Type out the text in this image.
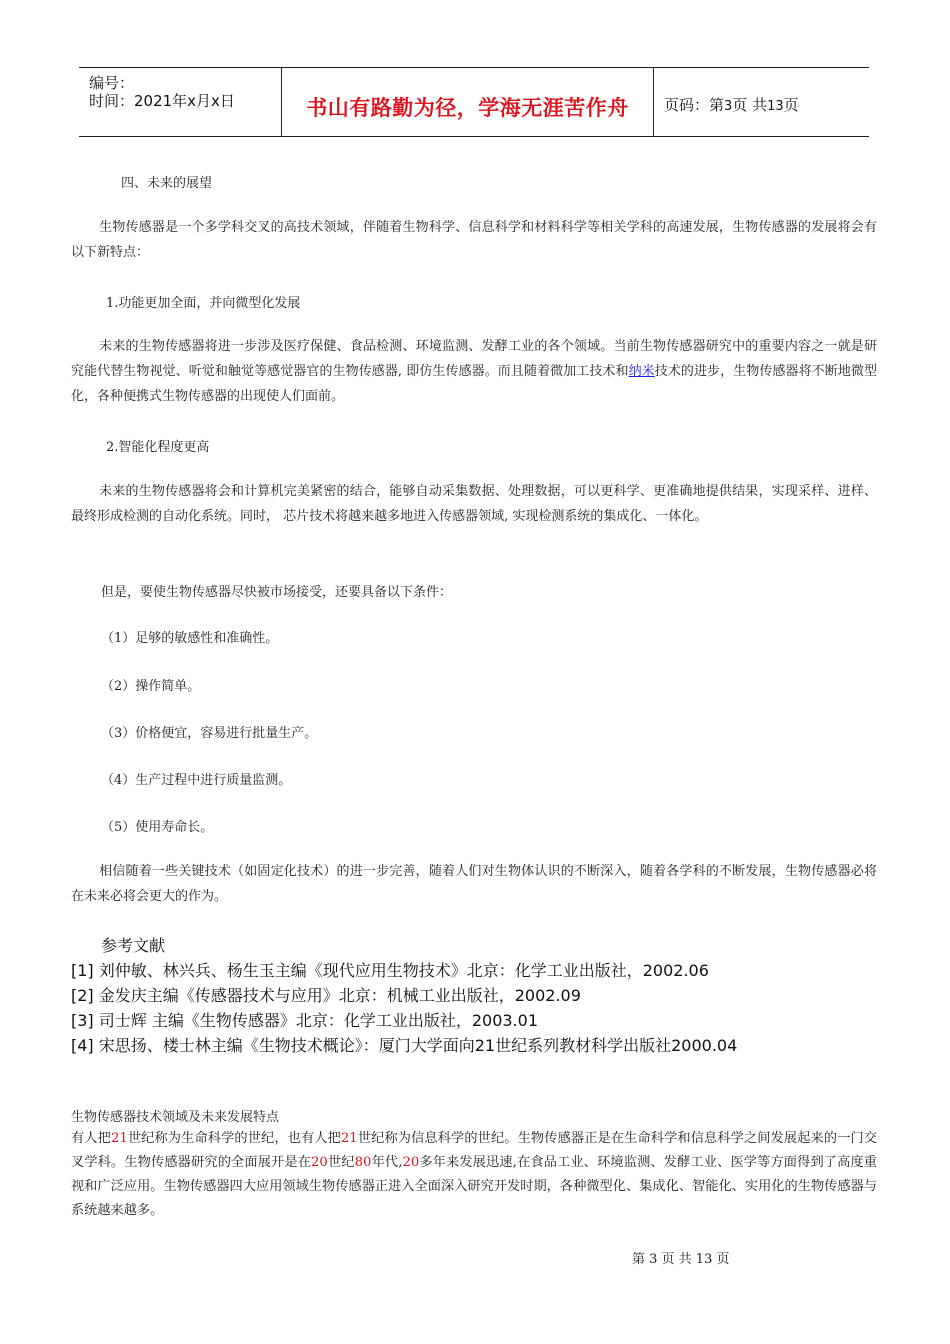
编号：
时间：2021年x月x日	书山有路勤为径，学海无涯苦作舟	页码：第3页 共13页
四、未来的展望

生物传感器是一个多学科交叉的高技术领域，伴随着生物科学、信息科学和材料科学等相关学科的高速发展，生物传感器的发展将会有以下新特点：

1.功能更加全面，并向微型化发展

未来的生物传感器将进一步涉及医疗保健、食品检测、环境监测、发酵工业的各个领域。当前生物传感器研究中的重要内容之一就是研究能代替生物视觉、听觉和触觉等感觉器官的生物传感器, 即仿生传感器。而且随着微加工技术和纳米技术的进步，生物传感器将不断地微型化，各种便携式生物传感器的出现使人们面前。

2.智能化程度更高

未来的生物传感器将会和计算机完美紧密的结合，能够自动采集数据、处理数据，可以更科学、更准确地提供结果，实现采样、进样、最终形成检测的自动化系统。同时， 芯片技术将越来越多地进入传感器领域, 实现检测系统的集成化、一体化。

但是，要使生物传感器尽快被市场接受，还要具备以下条件：
（1）足够的敏感性和准确性。
（2）操作简单。
（3）价格便宜，容易进行批量生产。
（4）生产过程中进行质量监测。
（5）使用寿命长。

相信随着一些关键技术（如固定化技术）的进一步完善，随着人们对生物体认识的不断深入，随着各学科的不断发展，生物传感器必将在未来必将会更大的作为。

参考文献
[1] 刘仲敏、林兴兵、杨生玉主编《现代应用生物技术》北京：化学工业出版社，2002.06
[2] 金发庆主编《传感器技术与应用》北京：机械工业出版社，2002.09
[3] 司士辉 主编《生物传感器》北京：化学工业出版社，2003.01
[4] 宋思扬、楼士林主编《生物技术概论》：厦门大学面向21世纪系列教材科学出版社2000.04
生物传感器技术领域及未来发展特点

有人把21世纪称为生命科学的世纪，也有人把21世纪称为信息科学的世纪。生物传感器正是在生命科学和信息科学之间发展起来的一门交叉学科。生物传感器研究的全面展开是在20世纪80年代,20多年来发展迅速,在食品工业、环境监测、发酵工业、医学等方面得到了高度重视和广泛应用。生物传感器四大应用领域生物传感器正进入全面深入研究开发时期，各种微型化、集成化、智能化、实用化的生物传感器与系统越来越多。

第 3 页 共 13 页
